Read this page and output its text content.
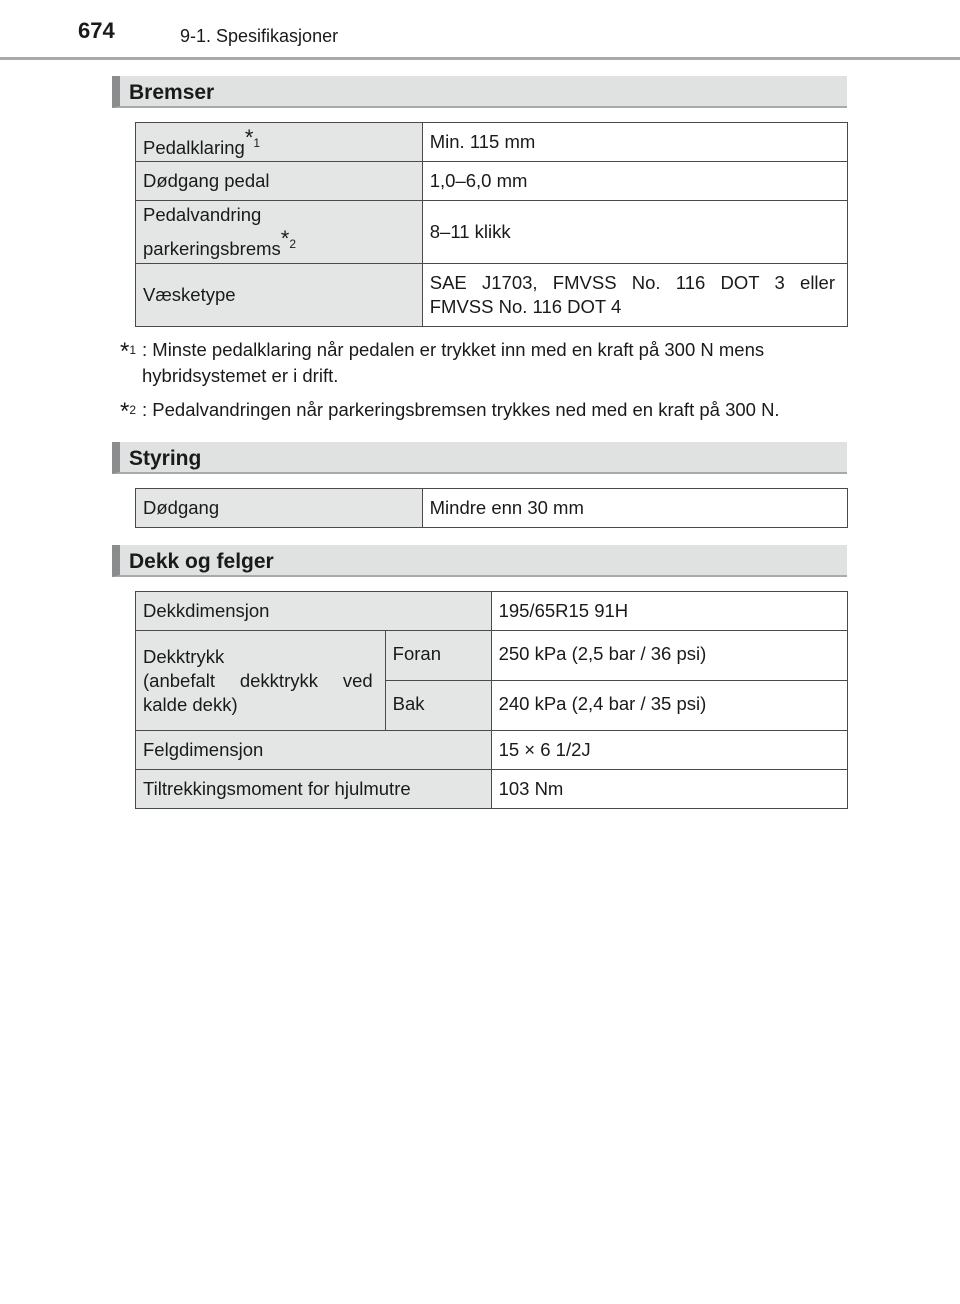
674	9-1. Spesifikasjoner
Bremser
Pedalklaring$^{*1}$	Min. 115 mm
Dødgang pedal	1,0–6,0 mm

Pedalvandring
parkeringsbrems$^{*2}$	8–11 klikk
Væsketype	SAE J1703, FMVSS No. 116 DOT 3 eller
FMVSS No. 116 DOT 4
*$^1$ : Minste pedalklaring når pedalen er trykket inn med en kraft på 300 N mens hybridsystemet er i drift.
*$^2$ : Pedalvandringen når parkeringsbremsen trykkes ned med en kraft på 300 N.
Styring
Dødgang	Mindre enn 30 mm
Dekk og felger
Dekkdimensjon		195/65R15 91H

Dekktrykk
(anbefalt dekktrykk ved
kalde dekk)	Foran	250 kPa (2,5 bar / 36 psi)
	Bak	240 kPa (2,4 bar / 35 psi)
Felgdimensjon		15 × 6 1/2J
Tiltrekkingsmoment for hjulmutre		103 Nm
